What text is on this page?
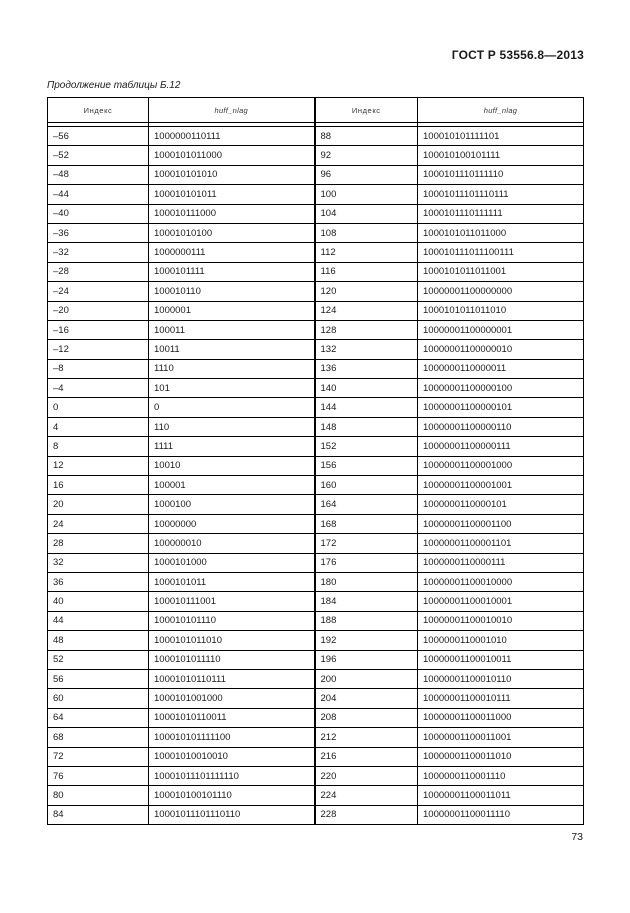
ГОСТ Р 53556.8—2013
Продолжение таблицы Б.12
Индекс	huff_nlag	Индекс	huff_nlag

–56	1000000110111	88	100010101111101
–52	1000101011000	92	100010100101111
–48	100010101010	96	1000101110111110
–44	100010101011	100	10001011101110111
–40	100010111000	104	1000101110111111
–36	10001010100	108	1000101011011000
–32	1000000111	112	100010111011100111
–28	1000101111	116	1000101011011001
–24	100010110	120	10000001100000000
–20	1000001	124	1000101011011010
–16	100011	128	10000001100000001
–12	10011	132	10000001100000010
–8	1110	136	1000000110000011
–4	101	140	10000001100000100
0	0	144	10000001100000101
4	110	148	10000001100000110
8	1111	152	10000001100000111
12	10010	156	10000001100001000
16	100001	160	10000001100001001
20	1000100	164	1000000110000101
24	10000000	168	10000001100001100
28	100000010	172	10000001100001101
32	1000101000	176	1000000110000111
36	1000101011	180	10000001100010000
40	100010111001	184	10000001100010001
44	100010101110	188	10000001100010010
48	1000101011010	192	1000000110001010
52	1000101011110	196	10000001100010011
56	10001010110111	200	10000001100010110
60	1000101001000	204	10000001100010111
64	10001010110011	208	10000001100011000
68	100010101111100	212	10000001100011001
72	10001010010010	216	10000001100011010
76	10001011101111110	220	1000000110001110
80	100010100101110	224	10000001100011011
84	10001011101110110	228	10000001100011110
73
